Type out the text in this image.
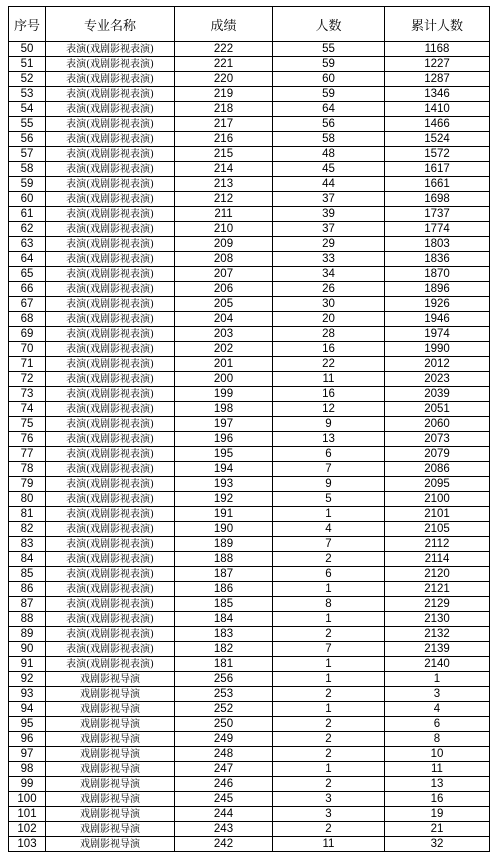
序号	专业名称	成绩	人数	累计人数
50	表演(戏剧影视表演)	222	55	1168
51	表演(戏剧影视表演)	221	59	1227
52	表演(戏剧影视表演)	220	60	1287
53	表演(戏剧影视表演)	219	59	1346
54	表演(戏剧影视表演)	218	64	1410
55	表演(戏剧影视表演)	217	56	1466
56	表演(戏剧影视表演)	216	58	1524
57	表演(戏剧影视表演)	215	48	1572
58	表演(戏剧影视表演)	214	45	1617
59	表演(戏剧影视表演)	213	44	1661
60	表演(戏剧影视表演)	212	37	1698
61	表演(戏剧影视表演)	211	39	1737
62	表演(戏剧影视表演)	210	37	1774
63	表演(戏剧影视表演)	209	29	1803
64	表演(戏剧影视表演)	208	33	1836
65	表演(戏剧影视表演)	207	34	1870
66	表演(戏剧影视表演)	206	26	1896
67	表演(戏剧影视表演)	205	30	1926
68	表演(戏剧影视表演)	204	20	1946
69	表演(戏剧影视表演)	203	28	1974
70	表演(戏剧影视表演)	202	16	1990
71	表演(戏剧影视表演)	201	22	2012
72	表演(戏剧影视表演)	200	11	2023
73	表演(戏剧影视表演)	199	16	2039
74	表演(戏剧影视表演)	198	12	2051
75	表演(戏剧影视表演)	197	9	2060
76	表演(戏剧影视表演)	196	13	2073
77	表演(戏剧影视表演)	195	6	2079
78	表演(戏剧影视表演)	194	7	2086
79	表演(戏剧影视表演)	193	9	2095
80	表演(戏剧影视表演)	192	5	2100
81	表演(戏剧影视表演)	191	1	2101
82	表演(戏剧影视表演)	190	4	2105
83	表演(戏剧影视表演)	189	7	2112
84	表演(戏剧影视表演)	188	2	2114
85	表演(戏剧影视表演)	187	6	2120
86	表演(戏剧影视表演)	186	1	2121
87	表演(戏剧影视表演)	185	8	2129
88	表演(戏剧影视表演)	184	1	2130
89	表演(戏剧影视表演)	183	2	2132
90	表演(戏剧影视表演)	182	7	2139
91	表演(戏剧影视表演)	181	1	2140
92	戏剧影视导演	256	1	1
93	戏剧影视导演	253	2	3
94	戏剧影视导演	252	1	4
95	戏剧影视导演	250	2	6
96	戏剧影视导演	249	2	8
97	戏剧影视导演	248	2	10
98	戏剧影视导演	247	1	11
99	戏剧影视导演	246	2	13
100	戏剧影视导演	245	3	16
101	戏剧影视导演	244	3	19
102	戏剧影视导演	243	2	21
103	戏剧影视导演	242	11	32
